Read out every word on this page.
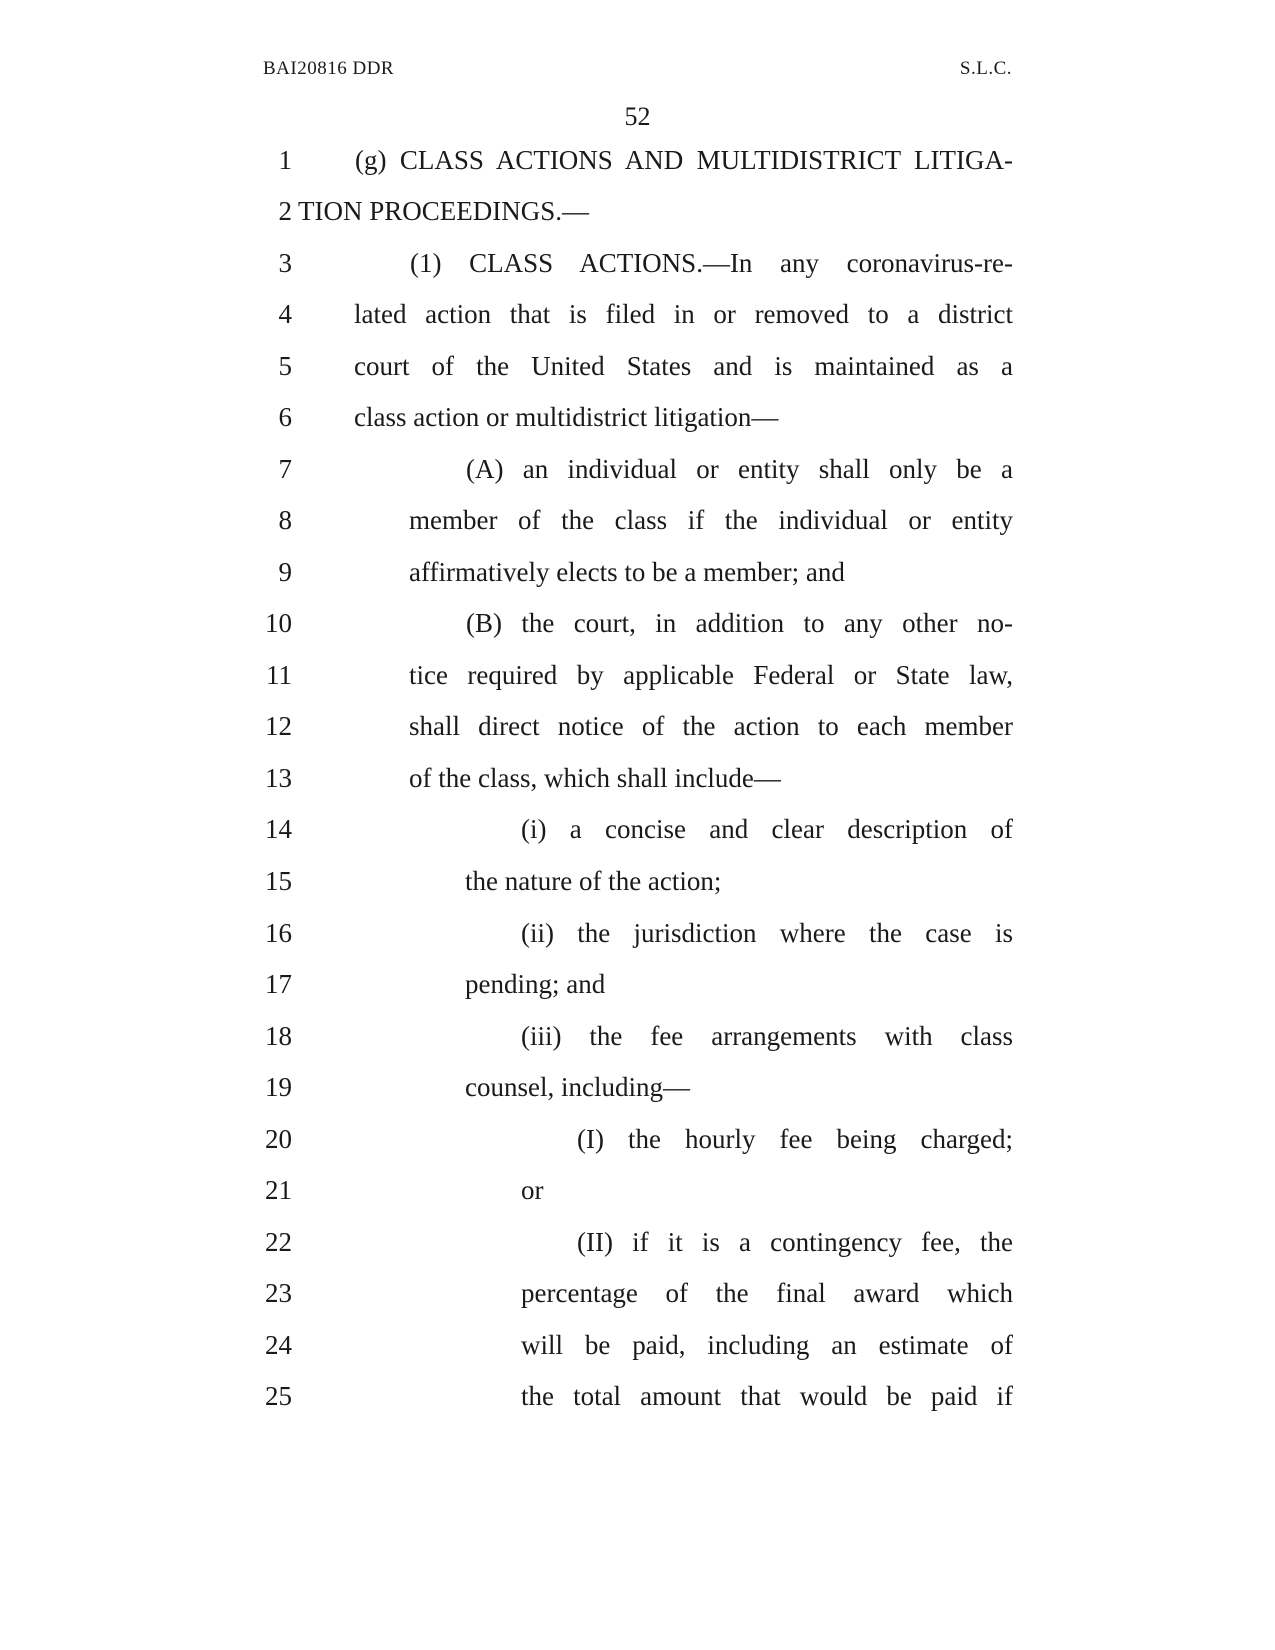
BAI20816 DDR	S.L.C.
52
1 (g) CLASS ACTIONS AND MULTIDISTRICT LITIGA-
2 TION PROCEEDINGS.—
3	(1) CLASS ACTIONS.—In any coronavirus-re-
4 lated action that is filed in or removed to a district
5 court of the United States and is maintained as a
6 class action or multidistrict litigation—
7	(A) an individual or entity shall only be a
8	member of the class if the individual or entity
9	affirmatively elects to be a member; and
10	(B) the court, in addition to any other no-
11	tice required by applicable Federal or State law,
12	shall direct notice of the action to each member
13	of the class, which shall include—
14	(i) a concise and clear description of
15	the nature of the action;
16	(ii) the jurisdiction where the case is
17	pending; and
18	(iii) the fee arrangements with class
19	counsel, including—
20	(I) the hourly fee being charged;
21	or
22	(II) if it is a contingency fee, the
23	percentage of the final award which
24	will be paid, including an estimate of
25	the total amount that would be paid if
